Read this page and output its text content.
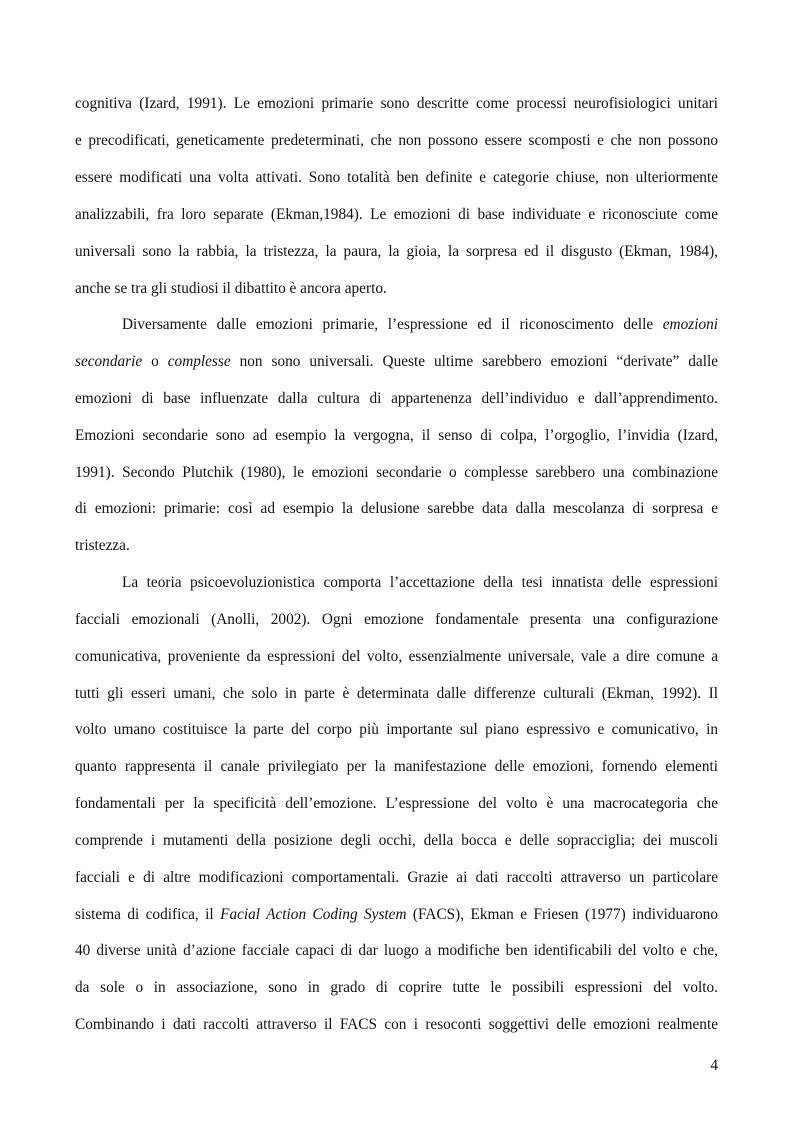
cognitiva (Izard, 1991). Le emozioni primarie sono descritte come processi neurofisiologici unitari
e precodificati, geneticamente predeterminati, che non possono essere scomposti e che non possono
essere modificati una volta attivati. Sono totalità ben definite e categorie chiuse, non ulteriormente
analizzabili, fra loro separate (Ekman,1984). Le emozioni di base individuate e riconosciute come
universali sono la rabbia, la tristezza, la paura, la gioia, la sorpresa ed il disgusto (Ekman, 1984),
anche se tra gli studiosi il dibattito è ancora aperto.
Diversamente dalle emozioni primarie, l’espressione ed il riconoscimento delle emozioni
secondarie o complesse non sono universali. Queste ultime sarebbero emozioni “derivate” dalle
emozioni di base influenzate dalla cultura di appartenenza dell’individuo e dall’apprendimento.
Emozioni secondarie sono ad esempio la vergogna, il senso di colpa, l’orgoglio, l’invidia (Izard,
1991). Secondo Plutchik (1980), le emozioni secondarie o complesse sarebbero una combinazione
di emozioni: primarie: così ad esempio la delusione sarebbe data dalla mescolanza di sorpresa e
tristezza.
La teoria psicoevoluzionistica comporta l’accettazione della tesi innatista delle espressioni
facciali emozionali (Anolli, 2002). Ogni emozione fondamentale presenta una configurazione
comunicativa, proveniente da espressioni del volto, essenzialmente universale, vale a dire comune a
tutti gli esseri umani, che solo in parte è determinata dalle differenze culturali (Ekman, 1992). Il
volto umano costituisce la parte del corpo più importante sul piano espressivo e comunicativo, in
quanto rappresenta il canale privilegiato per la manifestazione delle emozioni, fornendo elementi
fondamentali per la specificità dell’emozione. L’espressione del volto è una macrocategoria che
comprende i mutamenti della posizione degli occhi, della bocca e delle sopracciglia; dei muscoli
facciali e di altre modificazioni comportamentali. Grazie ai dati raccolti attraverso un particolare
sistema di codifica, il Facial Action Coding System (FACS), Ekman e Friesen (1977) individuarono
40 diverse unità d’azione facciale capaci di dar luogo a modifiche ben identificabili del volto e che,
da sole o in associazione, sono in grado di coprire tutte le possibili espressioni del volto.
Combinando i dati raccolti attraverso il FACS con i resoconti soggettivi delle emozioni realmente
4
